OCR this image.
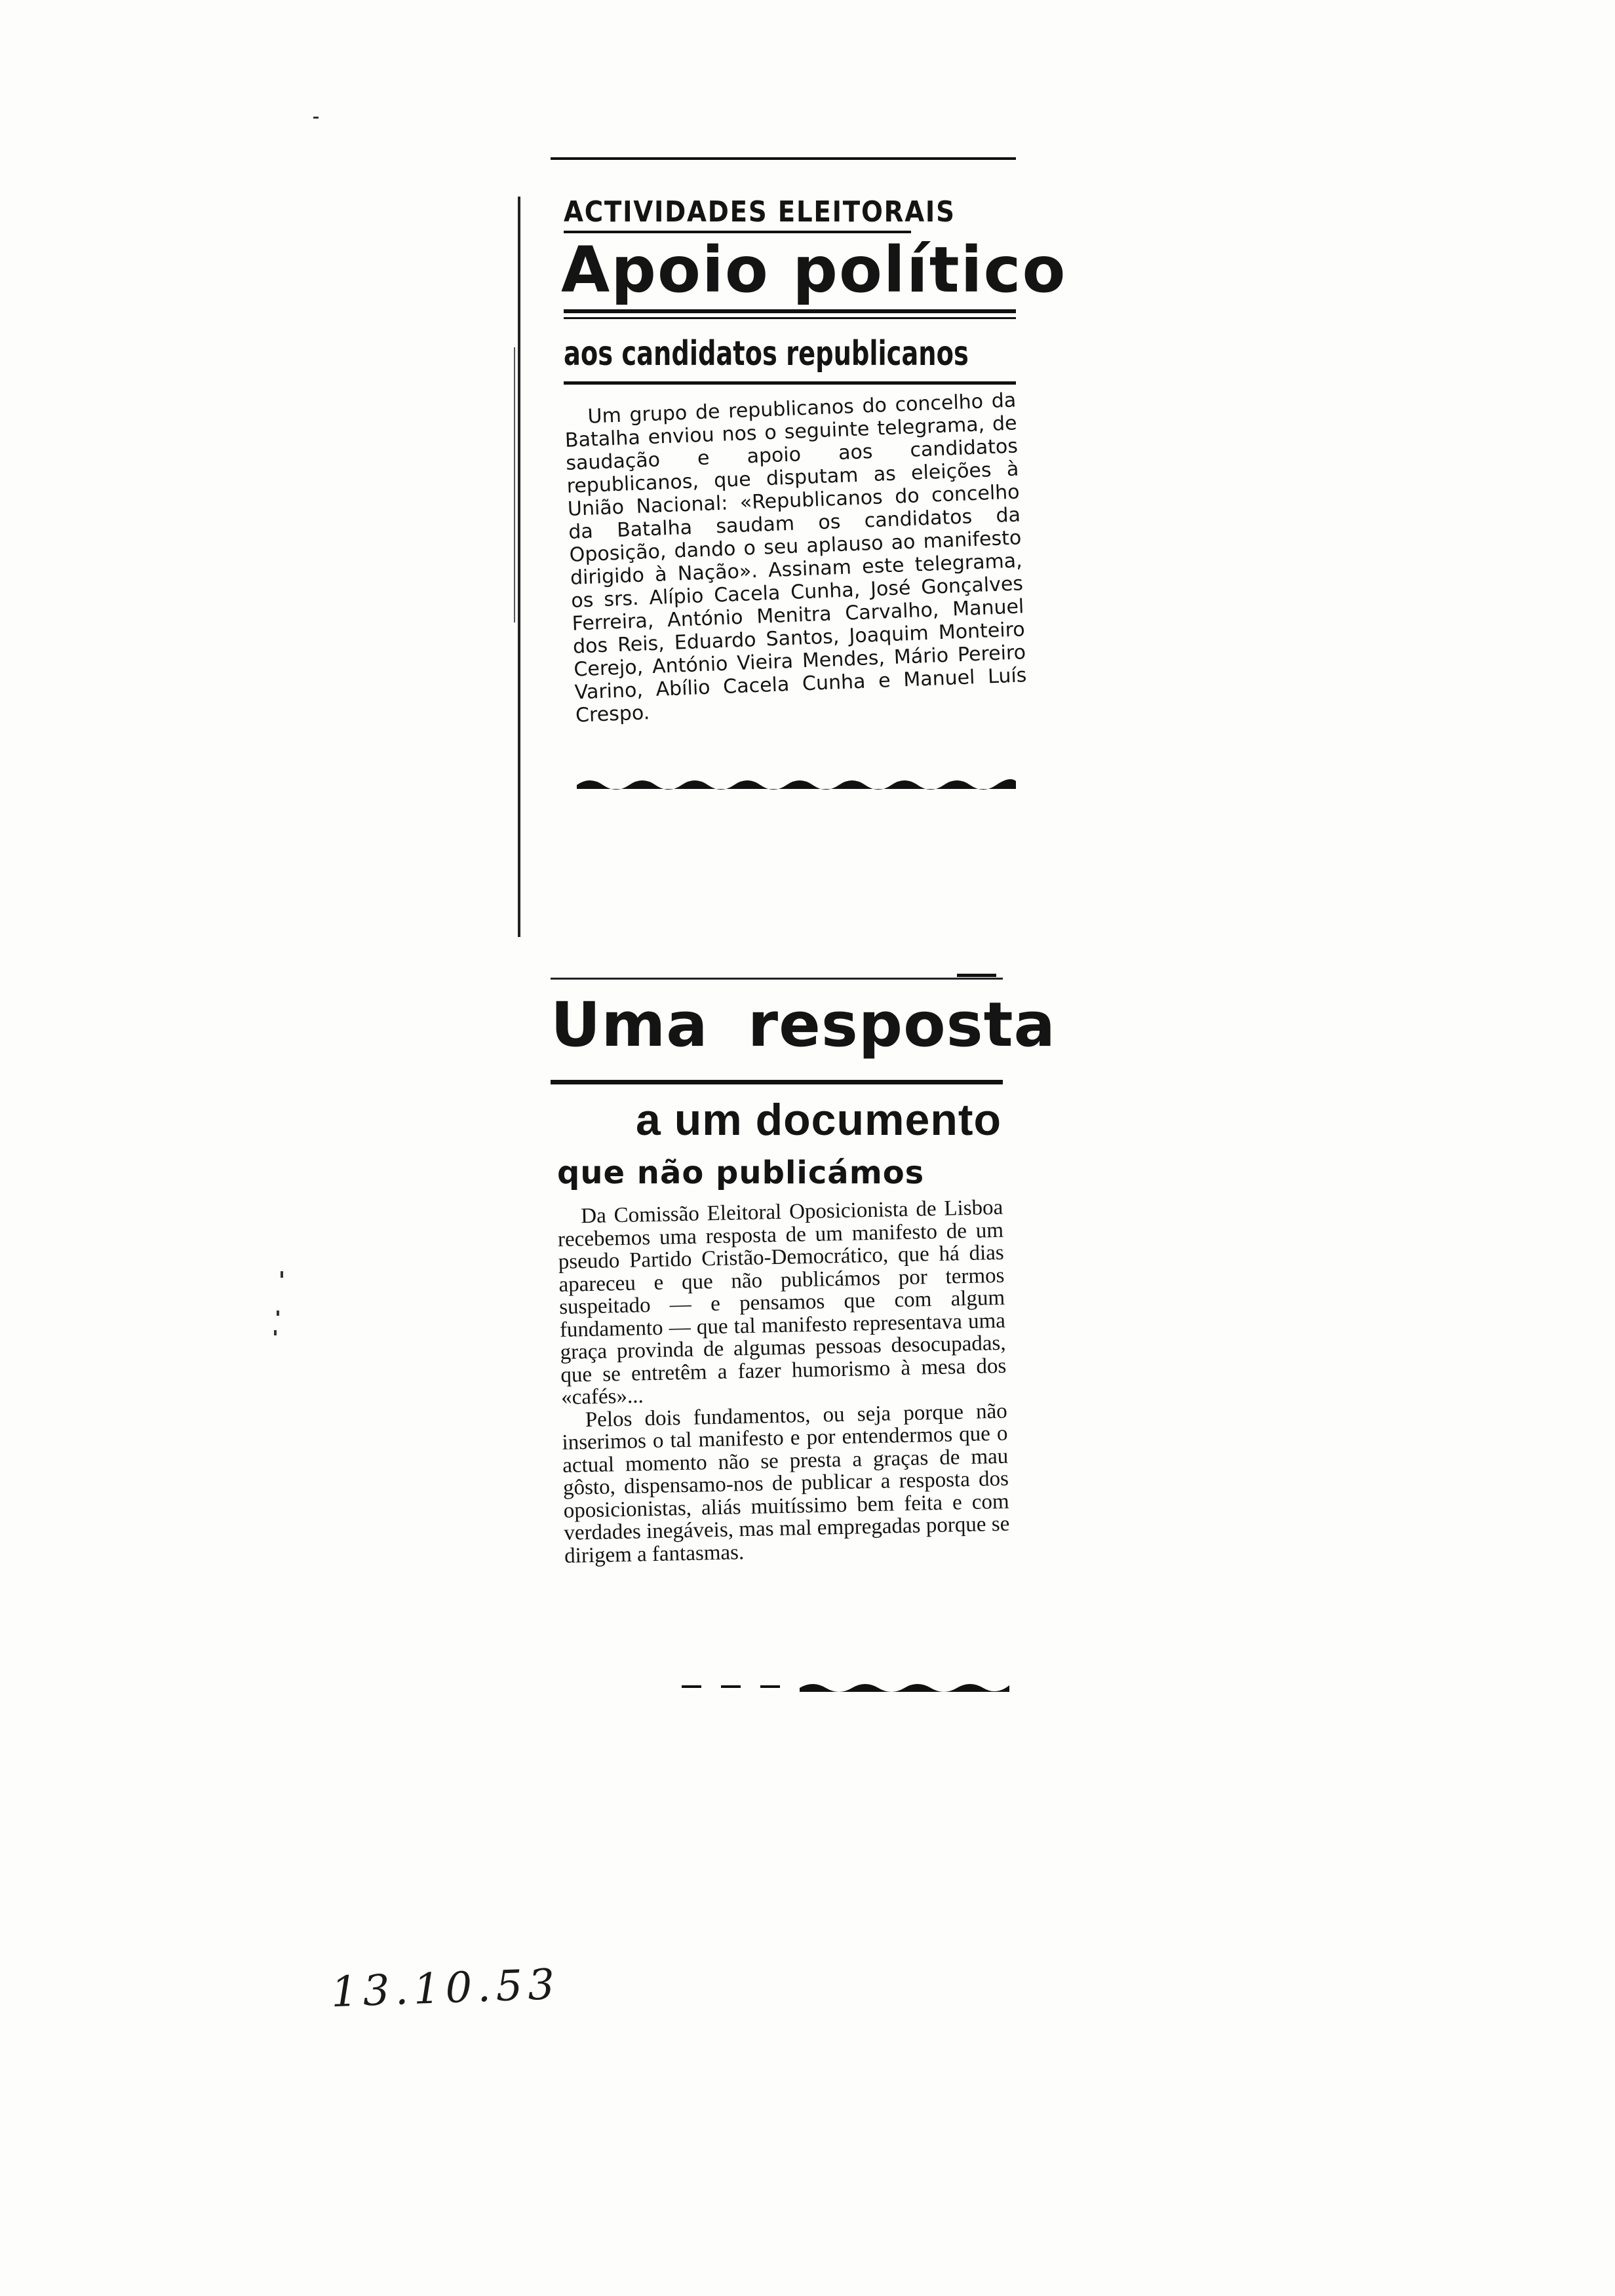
ACTIVIDADES ELEITORAIS
Apoio político
aos candidatos republicanos
Um grupo de republicanos do concelho da Batalha enviou nos o seguinte telegrama, de saudação e apoio aos candidatos republicanos, que disputam as eleições à União Nacional: «Republicanos do concelho da Batalha saudam os candidatos da Oposição, dando o seu aplauso ao manifesto dirigido à Nação». Assinam este telegrama, os srs. Alípio Cacela Cunha, José Gonçalves Ferreira, António Menitra Carvalho, Manuel dos Reis, Eduardo Santos, Joaquim Monteiro Cerejo, António Vieira Mendes, Mário Pereiro Varino, Abílio Cacela Cunha e Manuel Luís Crespo.
Uma resposta
a um documento
que não publicámos

Da Comissão Eleitoral Oposicionista de Lisboa recebemos uma resposta de um manifesto de um pseudo Partido Cristão-Democrático, que há dias apareceu e que não publicámos por termos suspeitado — e pensamos que com algum fundamento — que tal manifesto representava uma graça provinda de algumas pessoas desocupadas, que se entretêm a fazer humorismo à mesa dos «cafés»...

Pelos dois fundamentos, ou seja porque não inserimos o tal manifesto e por entendermos que o actual momento não se presta a graças de mau gôsto, dispensamo-nos de publicar a resposta dos oposicionistas, aliás muitíssimo bem feita e com verdades inegáveis, mas mal empregadas porque se dirigem a fantasmas.

13.10.53
